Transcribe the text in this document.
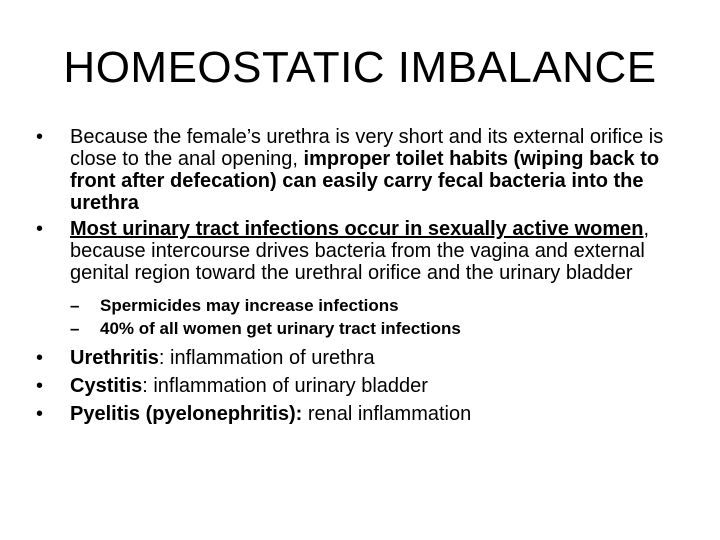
HOMEOSTATIC IMBALANCE
•	Because the female’s urethra is very short and its external orifice is close to the anal opening, improper toilet habits (wiping back to front after defecation) can easily carry fecal bacteria into the urethra
•	Most urinary tract infections occur in sexually active women, because intercourse drives bacteria from the vagina and external genital region toward the urethral orifice and the urinary bladder
– Spermicides may increase infections
– 40% of all women get urinary tract infections
•	Urethritis: inflammation of urethra
•	Cystitis: inflammation of urinary bladder
•	Pyelitis (pyelonephritis): renal inflammation
